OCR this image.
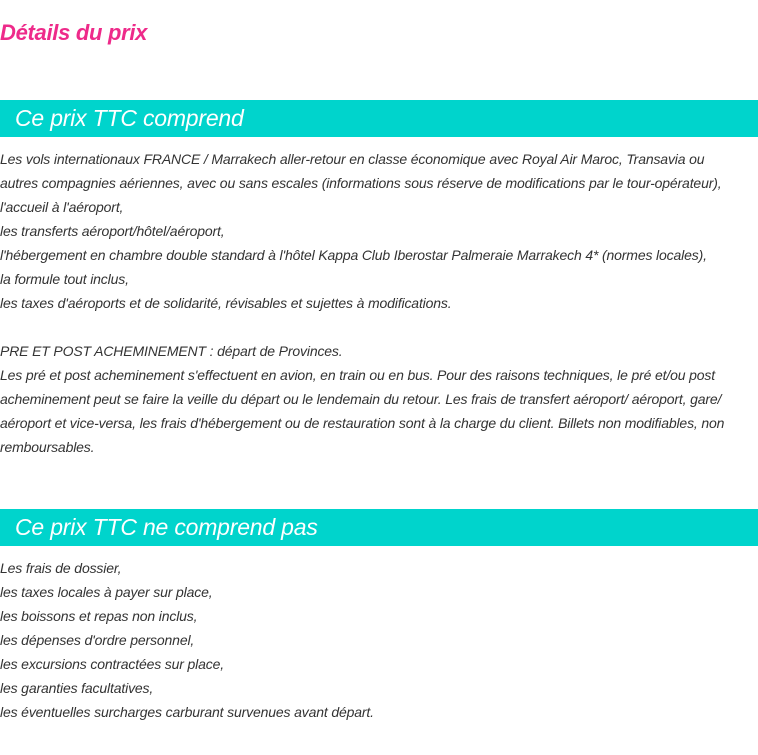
Détails du prix
Ce prix TTC comprend

Les vols internationaux FRANCE / Marrakech aller-retour en classe économique avec Royal Air Maroc, Transavia ou

autres compagnies aériennes, avec ou sans escales (informations sous réserve de modifications par le tour-opérateur),

l'accueil à l'aéroport,

les transferts aéroport/hôtel/aéroport,

l'hébergement en chambre double standard à l'hôtel Kappa Club Iberostar Palmeraie Marrakech 4* (normes locales),

la formule tout inclus,

les taxes d'aéroports et de solidarité, révisables et sujettes à modifications.

PRE ET POST ACHEMINEMENT : départ de Provinces.

Les pré et post acheminement s'effectuent en avion, en train ou en bus. Pour des raisons techniques, le pré et/ou post

acheminement peut se faire la veille du départ ou le lendemain du retour. Les frais de transfert aéroport/ aéroport, gare/

aéroport et vice-versa, les frais d'hébergement ou de restauration sont à la charge du client. Billets non modifiables, non

remboursables.

Ce prix TTC ne comprend pas

Les frais de dossier,

les taxes locales à payer sur place,

les boissons et repas non inclus,

les dépenses d'ordre personnel,

les excursions contractées sur place,

les garanties facultatives,

les éventuelles surcharges carburant survenues avant départ.
